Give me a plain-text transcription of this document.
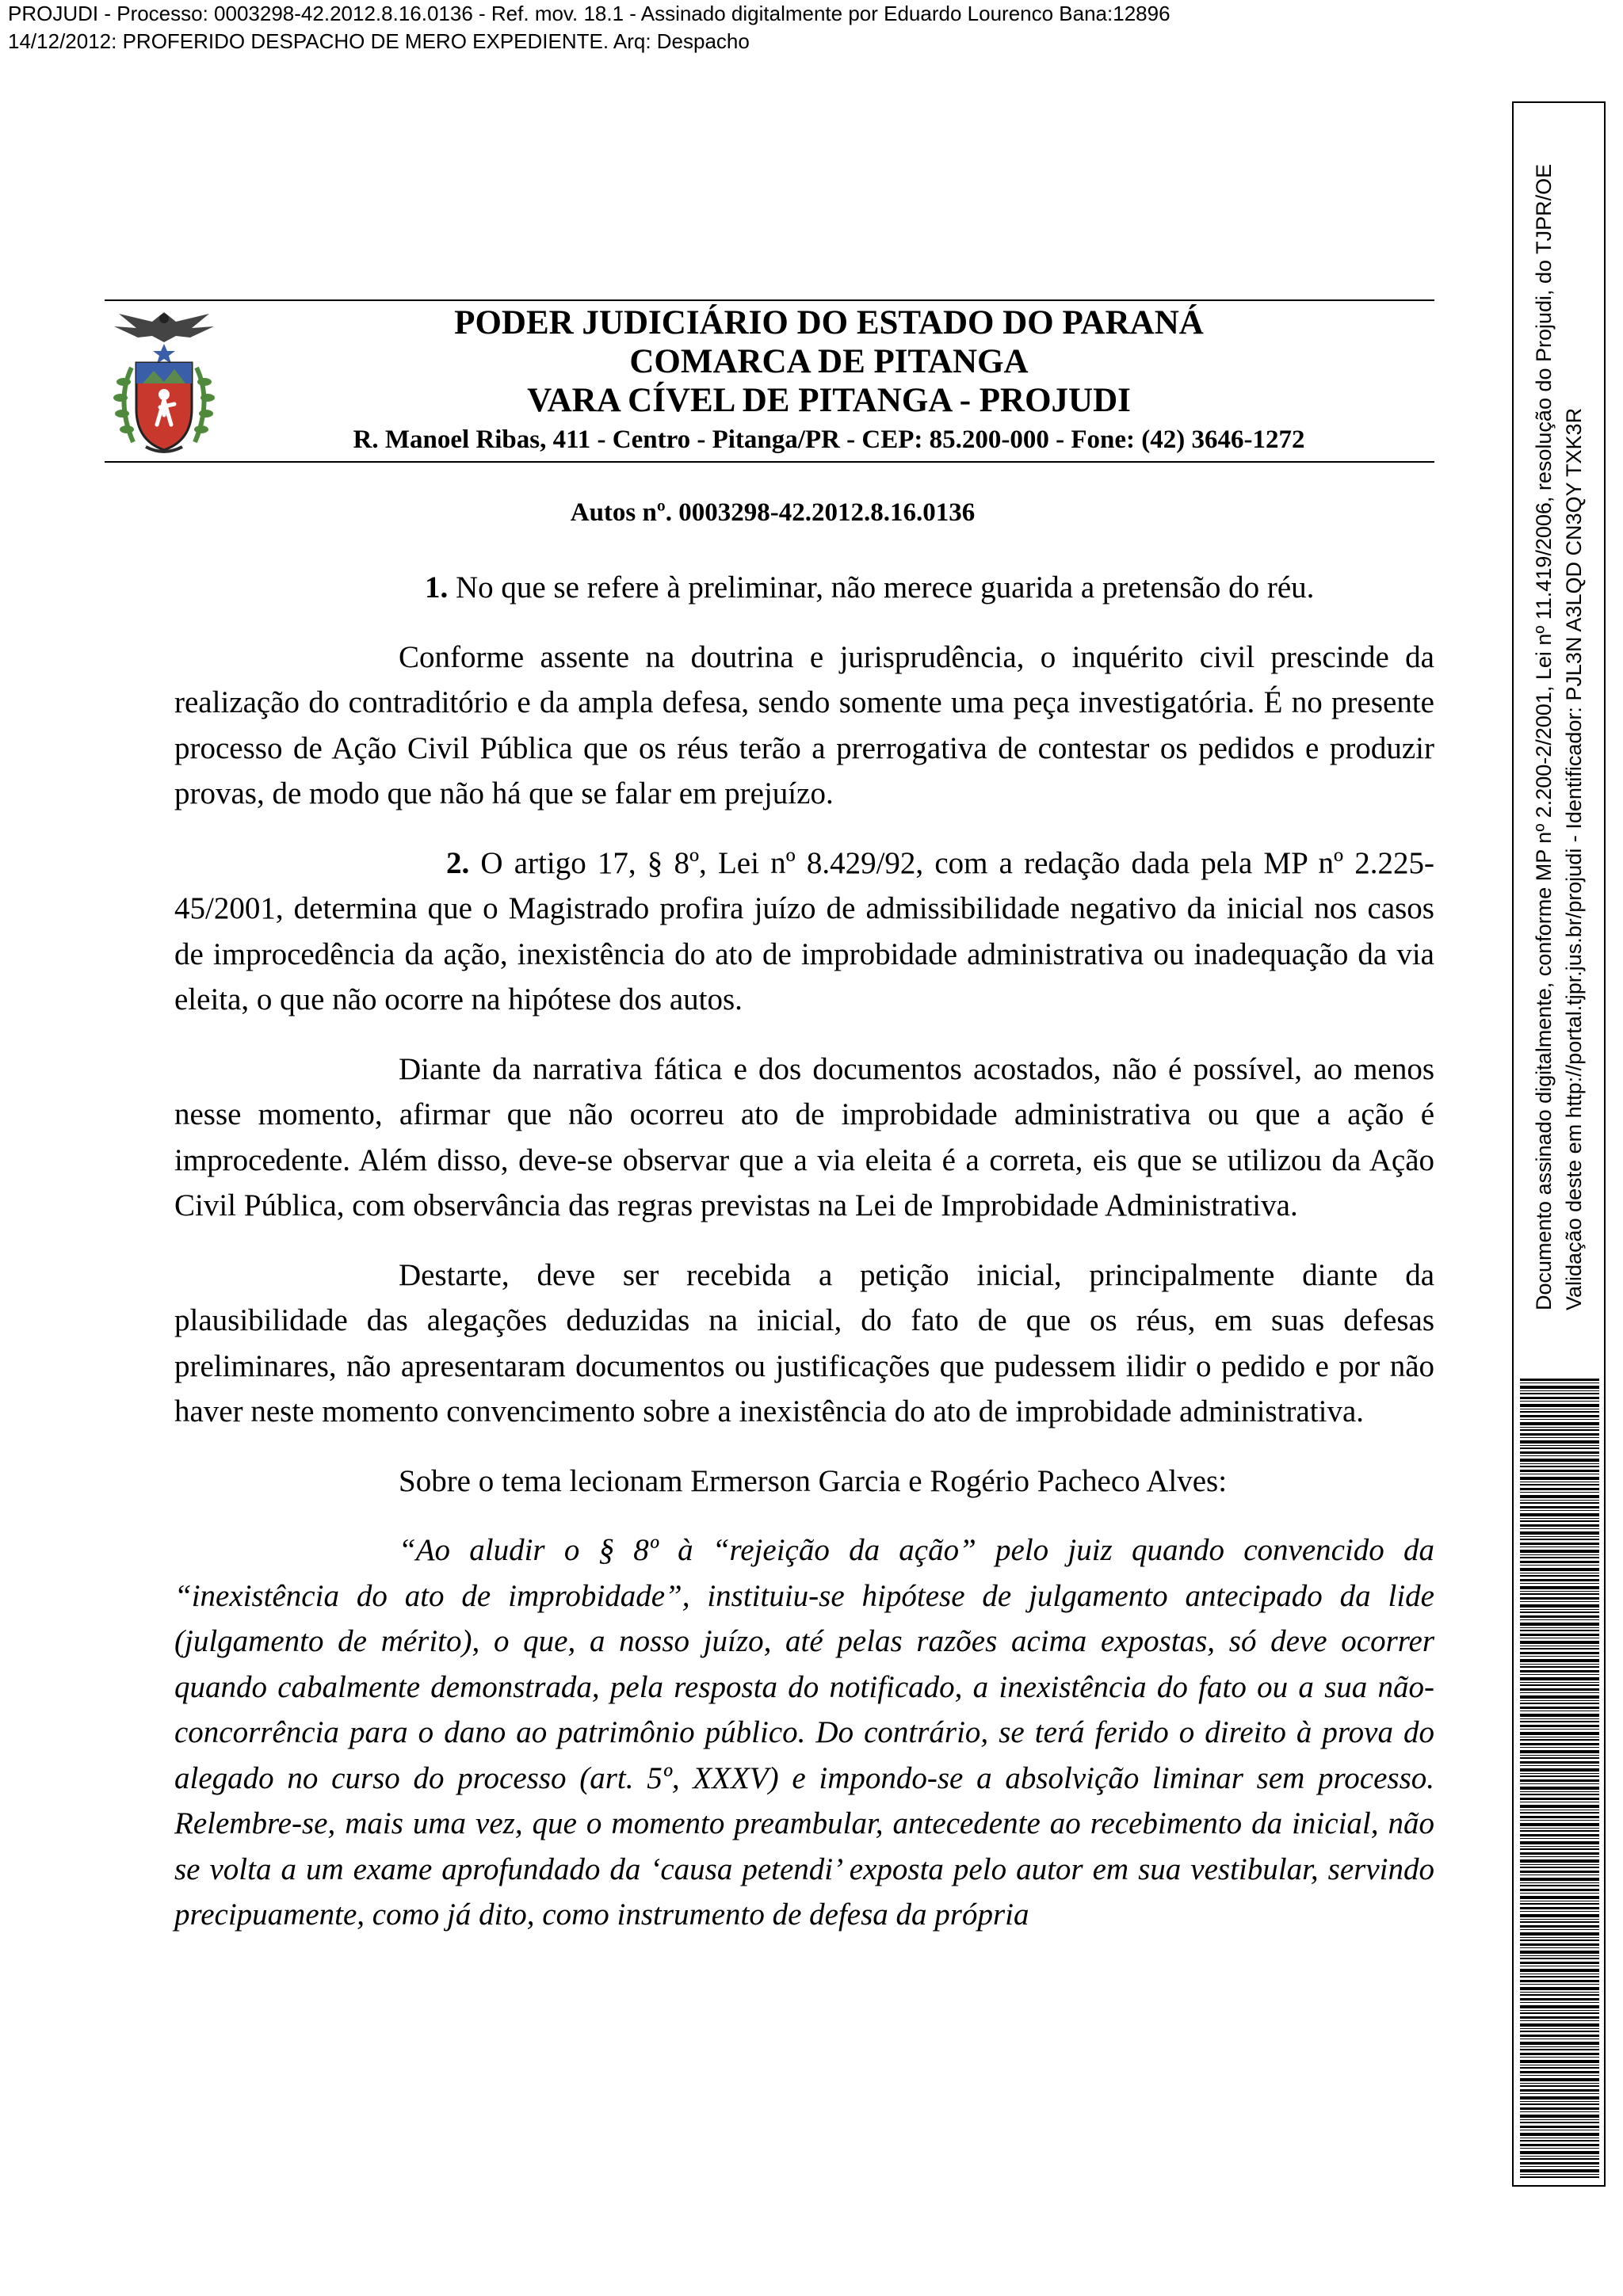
PROJUDI - Processo: 0003298-42.2012.8.16.0136 - Ref. mov. 18.1 - Assinado digitalmente por Eduardo Lourenco Bana:12896
14/12/2012: PROFERIDO DESPACHO DE MERO EXPEDIENTE. Arq: Despacho
PODER JUDICIÁRIO DO ESTADO DO PARANÁ
COMARCA DE PITANGA
VARA CÍVEL DE PITANGA - PROJUDI
R. Manoel Ribas, 411 - Centro - Pitanga/PR - CEP: 85.200-000 - Fone: (42) 3646-1272
Autos nº. 0003298-42.2012.8.16.0136

1. No que se refere à preliminar, não merece guarida a pretensão do réu.

Conforme assente na doutrina e jurisprudência, o inquérito civil prescinde da realização do contraditório e da ampla defesa, sendo somente uma peça investigatória. É no presente processo de Ação Civil Pública que os réus terão a prerrogativa de contestar os pedidos e produzir provas, de modo que não há que se falar em prejuízo.

2. O artigo 17, § 8º, Lei nº 8.429/92, com a redação dada pela MP nº 2.225-45/2001, determina que o Magistrado profira juízo de admissibilidade negativo da inicial nos casos de improcedência da ação, inexistência do ato de improbidade administrativa ou inadequação da via eleita, o que não ocorre na hipótese dos autos.

Diante da narrativa fática e dos documentos acostados, não é possível, ao menos nesse momento, afirmar que não ocorreu ato de improbidade administrativa ou que a ação é improcedente. Além disso, deve-se observar que a via eleita é a correta, eis que se utilizou da Ação Civil Pública, com observância das regras previstas na Lei de Improbidade Administrativa.

Destarte, deve ser recebida a petição inicial, principalmente diante da plausibilidade das alegações deduzidas na inicial, do fato de que os réus, em suas defesas preliminares, não apresentaram documentos ou justificações que pudessem ilidir o pedido e por não haver neste momento convencimento sobre a inexistência do ato de improbidade administrativa.

Sobre o tema lecionam Ermerson Garcia e Rogério Pacheco Alves:

“Ao aludir o § 8º à “rejeição da ação” pelo juiz quando convencido da “inexistência do ato de improbidade”, instituiu-se hipótese de julgamento antecipado da lide (julgamento de mérito), o que, a nosso juízo, até pelas razões acima expostas, só deve ocorrer quando cabalmente demonstrada, pela resposta do notificado, a inexistência do fato ou a sua não-concorrência para o dano ao patrimônio público. Do contrário, se terá ferido o direito à prova do alegado no curso do processo (art. 5º, XXXV) e impondo-se a absolvição liminar sem processo. Relembre-se, mais uma vez, que o momento preambular, antecedente ao recebimento da inicial, não se volta a um exame aprofundado da ‘causa petendi’ exposta pelo autor em sua vestibular, servindo precipuamente, como já dito, como instrumento de defesa da própria

Documento assinado digitalmente, conforme MP nº 2.200-2/2001, Lei nº 11.419/2006, resolução do Projudi, do TJPR/OE Validação deste em http://portal.tjpr.jus.br/projudi - Identificador: PJL3N A3LQD CN3QY TXK3R
